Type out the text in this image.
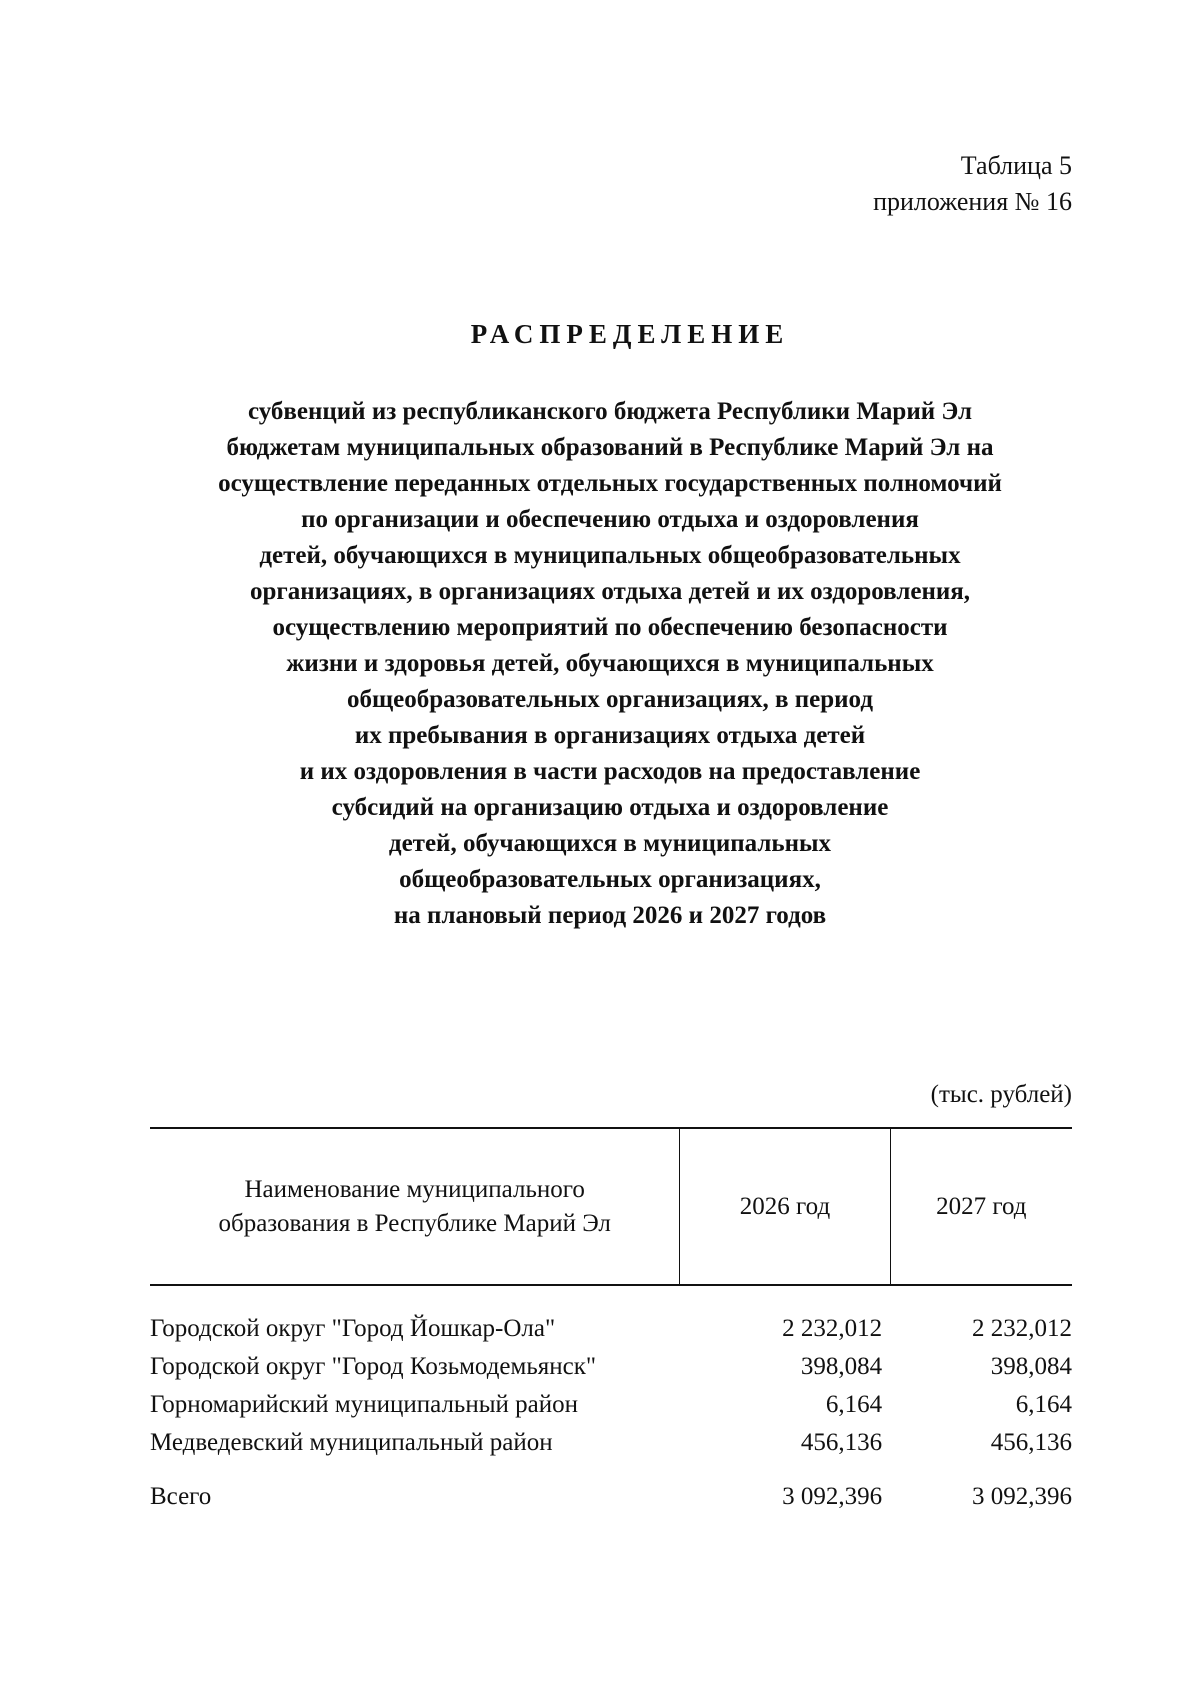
Таблица 5
приложения № 16
РАСПРЕДЕЛЕНИЕ
субвенций из республиканского бюджета Республики Марий Эл
бюджетам муниципальных образований в Республике Марий Эл на
осуществление переданных отдельных государственных полномочий
по организации и обеспечению отдыха и оздоровления
детей, обучающихся в муниципальных общеобразовательных
организациях, в организациях отдыха детей и их оздоровления,
осуществлению мероприятий по обеспечению безопасности
жизни и здоровья детей, обучающихся в муниципальных
общеобразовательных организациях, в период
их пребывания в организациях отдыха детей
и их оздоровления в части расходов на предоставление
субсидий на организацию отдыха и оздоровление
детей, обучающихся в муниципальных
общеобразовательных организациях,
на плановый период 2026 и 2027 годов
(тыс. рублей)
Наименование муниципального
образования в Республике Марий Эл	2026 год	2027 год
Городской округ "Город Йошкар-Ола"	2 232,012	2 232,012
Городской округ "Город Козьмодемьянск"	398,084	398,084
Горномарийский муниципальный район	6,164	6,164
Медведевский муниципальный район	456,136	456,136
Всего	3 092,396	3 092,396
